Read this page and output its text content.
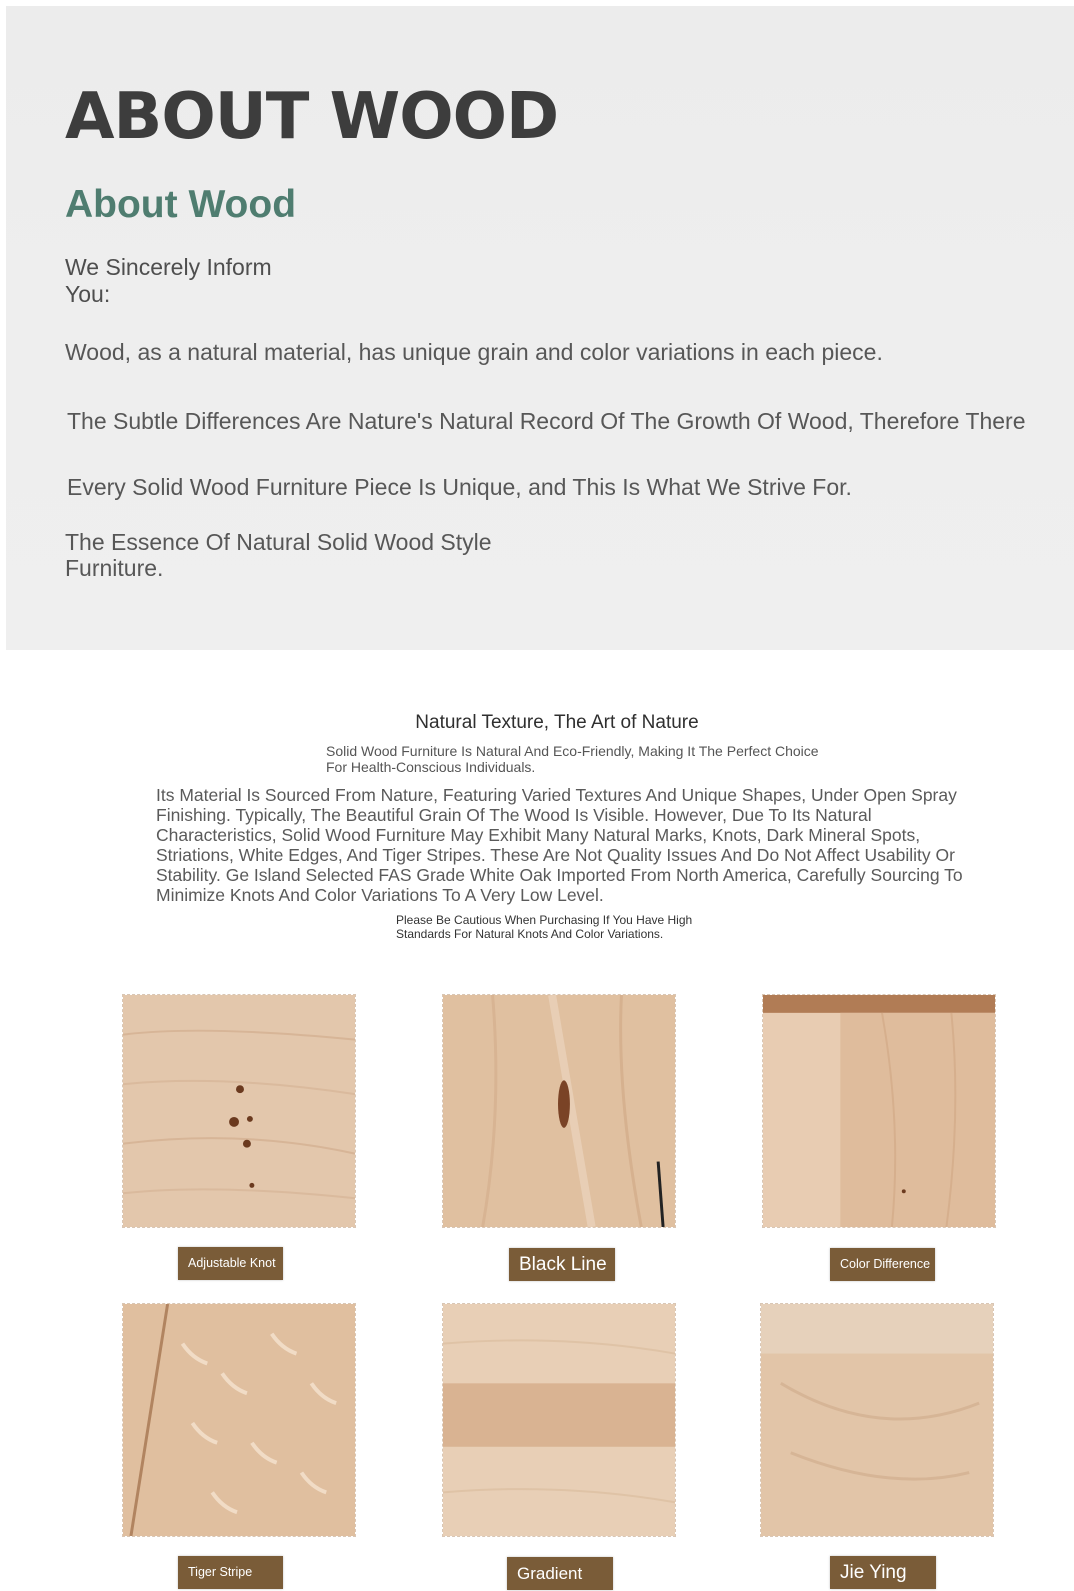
ABOUT WOOD
About Wood
We Sincerely Inform You:
Wood, as a natural material, has unique grain and color variations in each piece.
The Subtle Differences Are Nature's Natural Record Of The Growth Of Wood, Therefore There
Every Solid Wood Furniture Piece Is Unique, and This Is What We Strive For.
The Essence Of Natural Solid Wood Style Furniture.
Natural Texture, The Art of Nature
Solid Wood Furniture Is Natural And Eco-Friendly, Making It The Perfect Choice For Health-Conscious Individuals.
Its Material Is Sourced From Nature, Featuring Varied Textures And Unique Shapes, Under Open Spray Finishing. Typically, The Beautiful Grain Of The Wood Is Visible. However, Due To Its Natural Characteristics, Solid Wood Furniture May Exhibit Many Natural Marks, Knots, Dark Mineral Spots, Striations, White Edges, And Tiger Stripes. These Are Not Quality Issues And Do Not Affect Usability Or Stability. Ge Island Selected FAS Grade White Oak Imported From North America, Carefully Sourcing To Minimize Knots And Color Variations To A Very Low Level.
Please Be Cautious When Purchasing If You Have High Standards For Natural Knots And Color Variations.
Adjustable Knot	Black Line	Color Difference
Tiger Stripe	Gradient	Jie Ying
